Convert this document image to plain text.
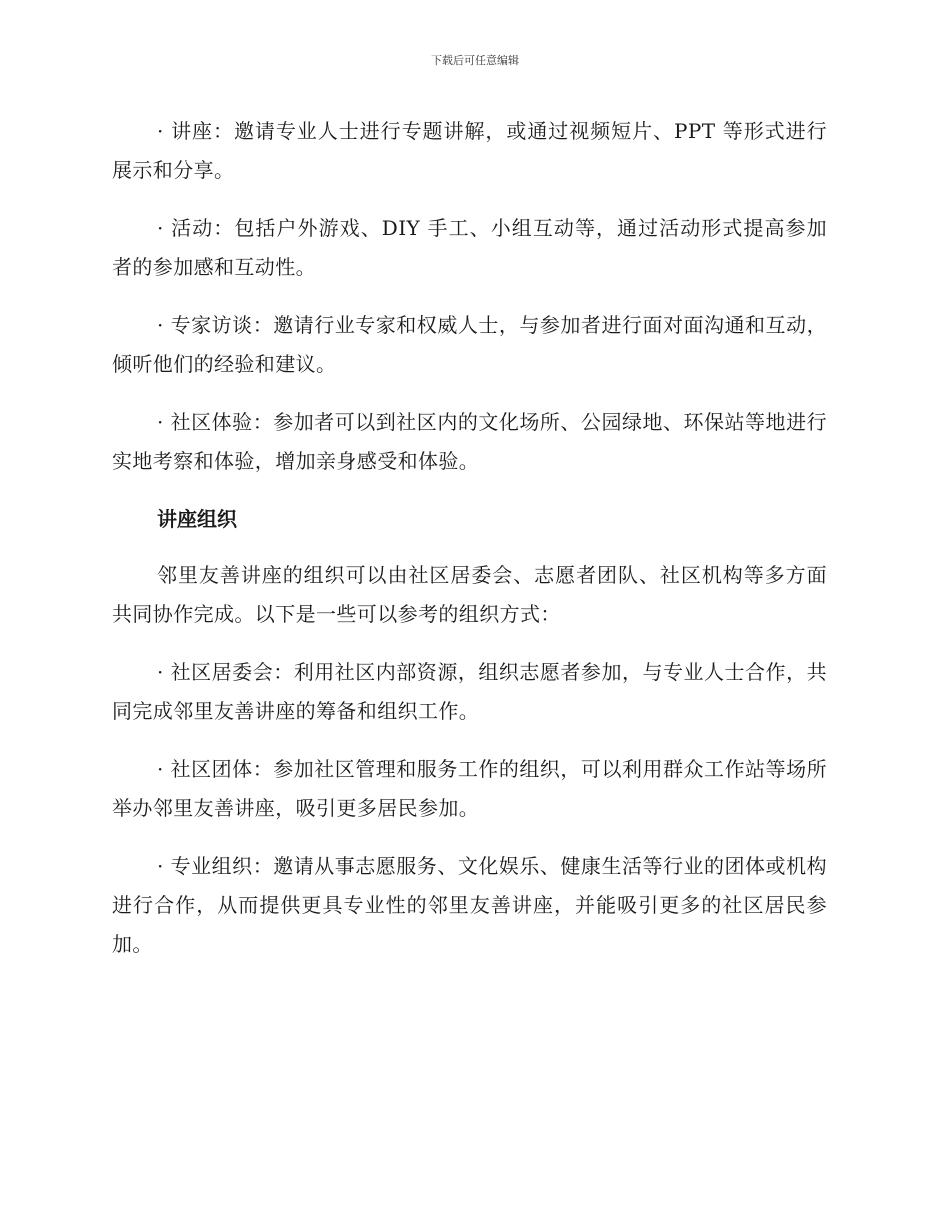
下载后可任意编辑

· 讲座：邀请专业人士进行专题讲解，或通过视频短片、PPT 等形式进行展示和分享。

· 活动：包括户外游戏、DIY 手工、小组互动等，通过活动形式提高参加者的参加感和互动性。

· 专家访谈：邀请行业专家和权威人士，与参加者进行面对面沟通和互动，倾听他们的经验和建议。

· 社区体验：参加者可以到社区内的文化场所、公园绿地、环保站等地进行实地考察和体验，增加亲身感受和体验。

讲座组织

邻里友善讲座的组织可以由社区居委会、志愿者团队、社区机构等多方面共同协作完成。以下是一些可以参考的组织方式：

· 社区居委会：利用社区内部资源，组织志愿者参加，与专业人士合作，共同完成邻里友善讲座的筹备和组织工作。

· 社区团体：参加社区管理和服务工作的组织，可以利用群众工作站等场所举办邻里友善讲座，吸引更多居民参加。

· 专业组织：邀请从事志愿服务、文化娱乐、健康生活等行业的团体或机构进行合作，从而提供更具专业性的邻里友善讲座，并能吸引更多的社区居民参加。
